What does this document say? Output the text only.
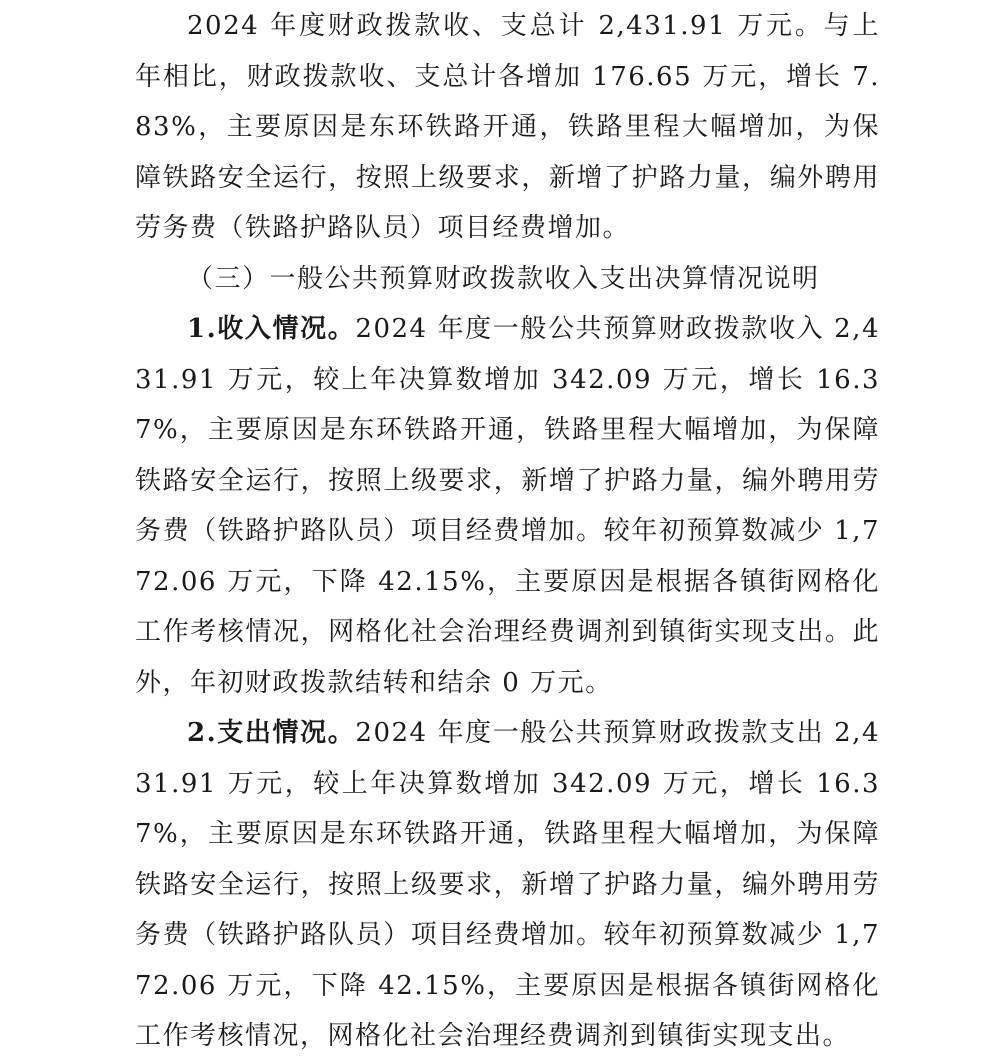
2024 年度财政拨款收、支总计 2,431.91 万元。与上年相比，财政拨款收、支总计各增加 176.65 万元，增长 7.83%，主要原因是东环铁路开通，铁路里程大幅增加，为保障铁路安全运行，按照上级要求，新增了护路力量，编外聘用劳务费（铁路护路队员）项目经费增加。

（三）一般公共预算财政拨款收入支出决算情况说明

1.收入情况。2024 年度一般公共预算财政拨款收入 2,431.91 万元，较上年决算数增加 342.09 万元，增长 16.37%，主要原因是东环铁路开通，铁路里程大幅增加，为保障铁路安全运行，按照上级要求，新增了护路力量，编外聘用劳务费（铁路护路队员）项目经费增加。较年初预算数减少 1,772.06 万元，下降 42.15%，主要原因是根据各镇街网格化工作考核情况，网格化社会治理经费调剂到镇街实现支出。此外，年初财政拨款结转和结余 0 万元。

2.支出情况。2024 年度一般公共预算财政拨款支出 2,431.91 万元，较上年决算数增加 342.09 万元，增长 16.37%，主要原因是东环铁路开通，铁路里程大幅增加，为保障铁路安全运行，按照上级要求，新增了护路力量，编外聘用劳务费（铁路护路队员）项目经费增加。较年初预算数减少 1,772.06 万元，下降 42.15%，主要原因是根据各镇街网格化工作考核情况，网格化社会治理经费调剂到镇街实现支出。
